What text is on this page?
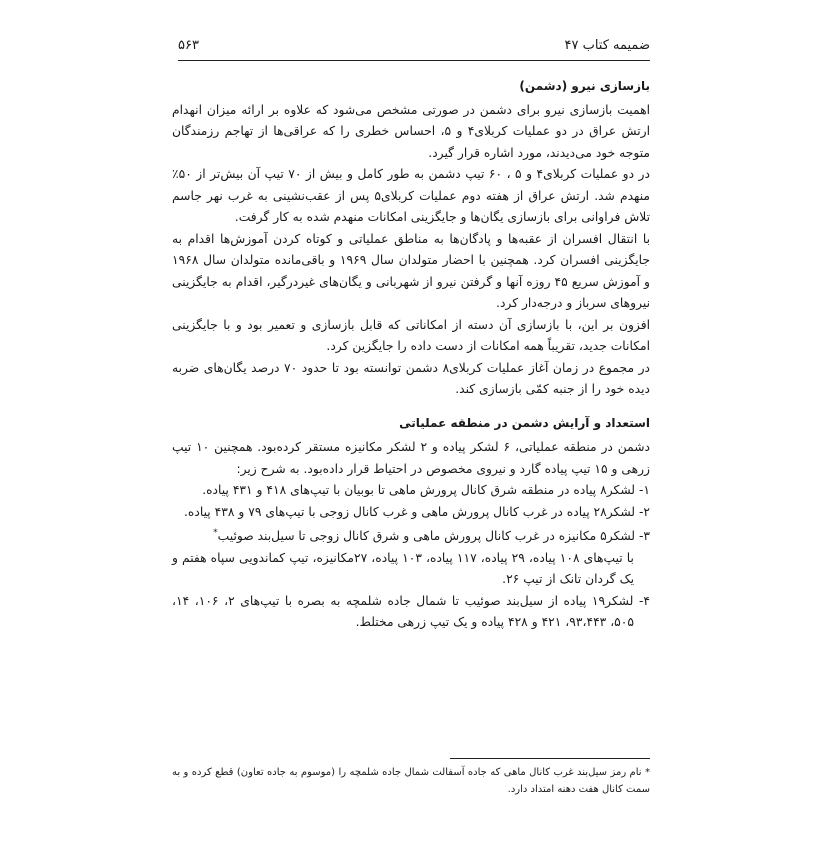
ضمیمه کتاب ۴۷
۵۶۳
بازسازی نیرو (دشمن)

اهمیت بازسازی نیرو برای دشمن در صورتی مشخص می‌شود که علاوه بر ارائه میزان انهدام ارتش عراق در دو عملیات کربلای۴ و ۵، احساس خطری را که عراقی‌ها از تهاجم رزمندگان متوجه خود می‌دیدند، مورد اشاره قرار گیرد.

در دو عملیات کربلای۴ و ۵ ، ۶۰ تیپ دشمن به طور کامل و بیش از ۷۰ تیپ آن بیش‌تر از ۵۰٪ منهدم شد. ارتش عراق از هفته دوم عملیات کربلای۵ پس از عقب‌نشینی به غرب نهر جاسم تلاش فراوانی برای بازسازی یگان‌ها و جایگزینی امکانات منهدم شده به کار گرفت.

با انتقال افسران از عقبه‌ها و پادگان‌ها به مناطق عملیاتی و کوتاه کردن آموزش‌ها اقدام به جایگزینی افسران کرد. همچنین با احضار متولدان سال ۱۹۶۹ و باقی‌مانده متولدان سال ۱۹۶۸ و آموزش سریع ۴۵ روزه آنها و گرفتن نیرو از شهربانی و یگان‌های غیردرگیر، اقدام به جایگزینی نیروهای سرباز و درجه‌دار کرد.

افزون بر این، با بازسازی آن دسته از امکاناتی که قابل بازسازی و تعمیر بود و با جایگزینی امکانات جدید، تقریباً همه امکانات از دست داده را جایگزین کرد.

در مجموع در زمان آغاز عملیات کربلای۸ دشمن توانسته بود تا حدود ۷۰ درصد یگان‌های ضربه دیده خود را از جنبه کمّی بازسازی کند.

استعداد و آرایش دشمن در منطقه عملیاتی

دشمن در منطقه عملیاتی، ۶ لشکر پیاده و ۲ لشکر مکانیزه مستقر کرده‌بود. همچنین ۱۰ تیپ زرهی و ۱۵ تیپ پیاده گارد و نیروی مخصوص در احتیاط قرار داده‌بود. به شرح زیر:

۱- لشکر۸ پیاده در منطقه شرق کانال پرورش ماهی تا بوبیان با تیپ‌های ۴۱۸ و ۴۳۱ پیاده.
۲- لشکر۲۸ پیاده در غرب کانال پرورش ماهی و غرب کانال زوجی با تیپ‌های ۷۹ و ۴۳۸ پیاده.
۳- لشکر۵ مکانیزه در غرب کانال پرورش ماهی و شرق کانال زوجی تا سیل‌بند صوئیب*
با تیپ‌های ۱۰۸ پیاده، ۲۹ پیاده، ۱۱۷ پیاده، ۱۰۳ پیاده، ۲۷مکانیزه، تیپ کماندویی سپاه هفتم و یک گردان تانک از تیپ ۲۶.
۴- لشکر۱۹ پیاده از سیل‌بند صوئیب تا شمال جاده شلمچه به بصره با تیپ‌های ۲، ۱۰۶، ۱۴، ۵۰۵، ۹۳،۴۴۳، ۴۲۱ و ۴۲۸ پیاده و یک تیپ زرهی مختلط.
* نام رمز سیل‌بند غرب کانال ماهی که جاده آسفالت شمال جاده شلمچه را (موسوم به جاده تعاون) قطع کرده و به سمت کانال هفت دهنه امتداد دارد.
